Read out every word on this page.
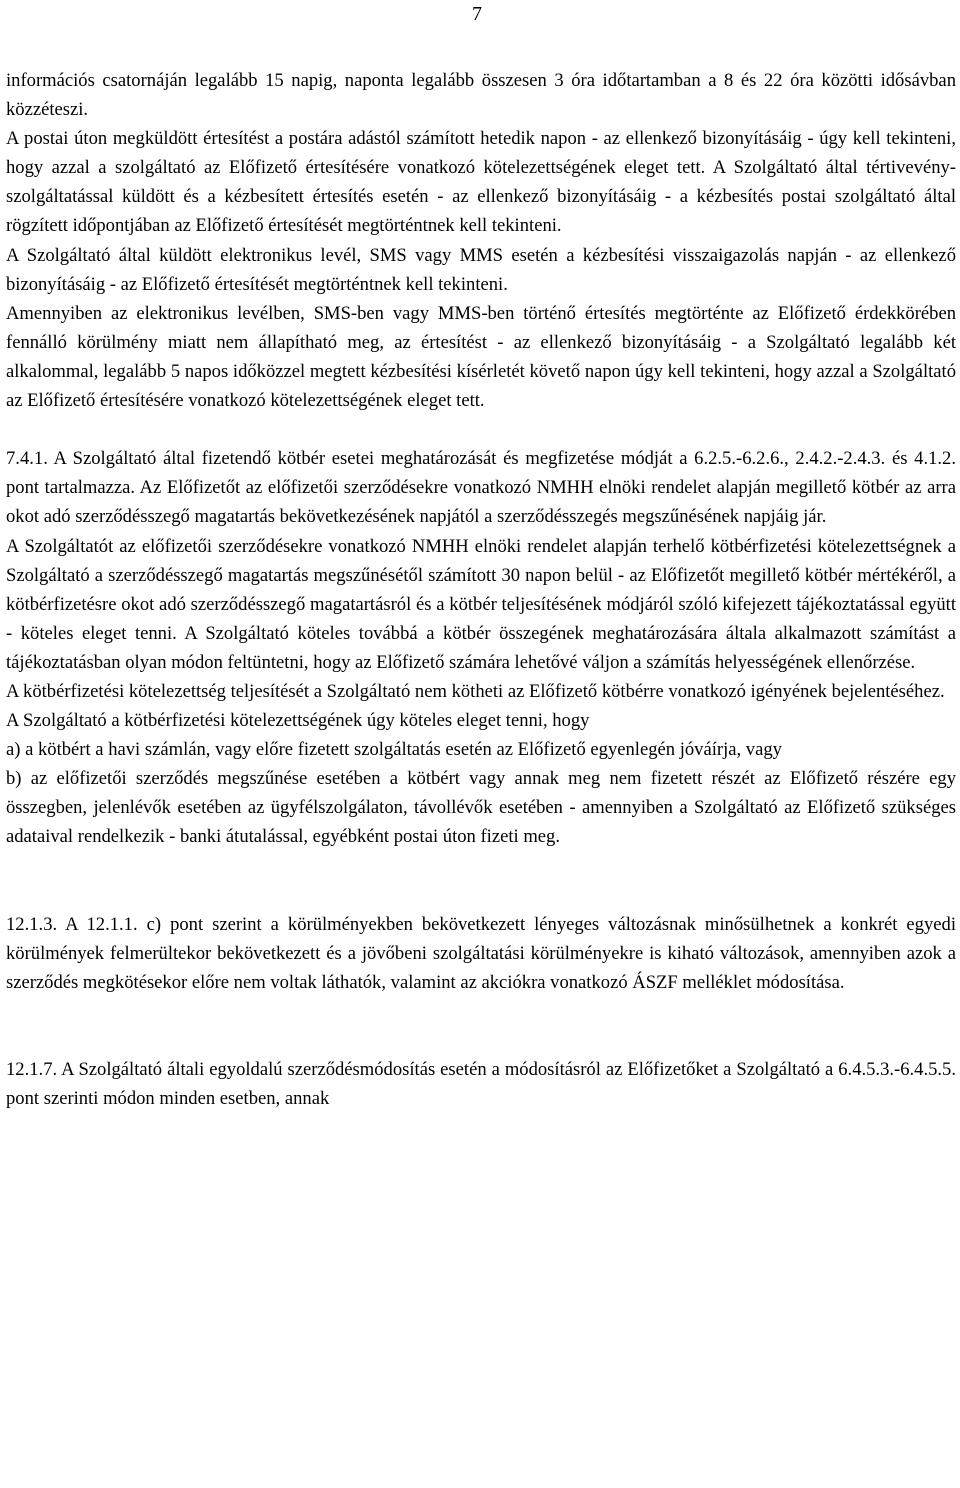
7

információs csatornáján legalább 15 napig, naponta legalább összesen 3 óra időtartamban a 8 és 22 óra közötti idősávban közzéteszi.

A postai úton megküldött értesítést a postára adástól számított hetedik napon - az ellenkező bizonyításáig - úgy kell tekinteni, hogy azzal a szolgáltató az Előfizető értesítésére vonatkozó kötelezettségének eleget tett. A Szolgáltató által tértivevény-szolgáltatással küldött és a kézbesített értesítés esetén - az ellenkező bizonyításáig - a kézbesítés postai szolgáltató által rögzített időpontjában az Előfizető értesítését megtörténtnek kell tekinteni.

A Szolgáltató által küldött elektronikus levél, SMS vagy MMS esetén a kézbesítési visszaigazolás napján - az ellenkező bizonyításáig - az Előfizető értesítését megtörténtnek kell tekinteni.

Amennyiben az elektronikus levélben, SMS-ben vagy MMS-ben történő értesítés megtörténte az Előfizető érdekkörében fennálló körülmény miatt nem állapítható meg, az értesítést - az ellenkező bizonyításáig - a Szolgáltató legalább két alkalommal, legalább 5 napos időközzel megtett kézbesítési kísérletét követő napon úgy kell tekinteni, hogy azzal a Szolgáltató az Előfizető értesítésére vonatkozó kötelezettségének eleget tett.

7.4.1. A Szolgáltató által fizetendő kötbér esetei meghatározását és megfizetése módját a 6.2.5.-6.2.6., 2.4.2.-2.4.3. és 4.1.2. pont tartalmazza. Az Előfizetőt az előfizetői szerződésekre vonatkozó NMHH elnöki rendelet alapján megillető kötbér az arra okot adó szerződésszegő magatartás bekövetkezésének napjától a szerződésszegés megszűnésének napjáig jár.

A Szolgáltatót az előfizetői szerződésekre vonatkozó NMHH elnöki rendelet alapján terhelő kötbérfizetési kötelezettségnek a Szolgáltató a szerződésszegő magatartás megszűnésétől számított 30 napon belül - az Előfizetőt megillető kötbér mértékéről, a kötbérfizetésre okot adó szerződésszegő magatartásról és a kötbér teljesítésének módjáról szóló kifejezett tájékoztatással együtt - köteles eleget tenni. A Szolgáltató köteles továbbá a kötbér összegének meghatározására általa alkalmazott számítást a tájékoztatásban olyan módon feltüntetni, hogy az Előfizető számára lehetővé váljon a számítás helyességének ellenőrzése.

A kötbérfizetési kötelezettség teljesítését a Szolgáltató nem kötheti az Előfizető kötbérre vonatkozó igényének bejelentéséhez.

A Szolgáltató a kötbérfizetési kötelezettségének úgy köteles eleget tenni, hogy

a) a kötbért a havi számlán, vagy előre fizetett szolgáltatás esetén az Előfizető egyenlegén jóváírja, vagy

b) az előfizetői szerződés megszűnése esetében a kötbért vagy annak meg nem fizetett részét az Előfizető részére egy összegben, jelenlévők esetében az ügyfélszolgálaton, távollévők esetében - amennyiben a Szolgáltató az Előfizető szükséges adataival rendelkezik - banki átutalással, egyébként postai úton fizeti meg.

12.1.3. A 12.1.1. c) pont szerint a körülményekben bekövetkezett lényeges változásnak minősülhetnek a konkrét egyedi körülmények felmerültekor bekövetkezett és a jövőbeni szolgáltatási körülményekre is kiható változások, amennyiben azok a szerződés megkötésekor előre nem voltak láthatók, valamint az akciókra vonatkozó ÁSZF melléklet módosítása.

12.1.7. A Szolgáltató általi egyoldalú szerződésmódosítás esetén a módosításról az Előfizetőket a Szolgáltató a 6.4.5.3.-6.4.5.5. pont szerinti módon minden esetben, annak
